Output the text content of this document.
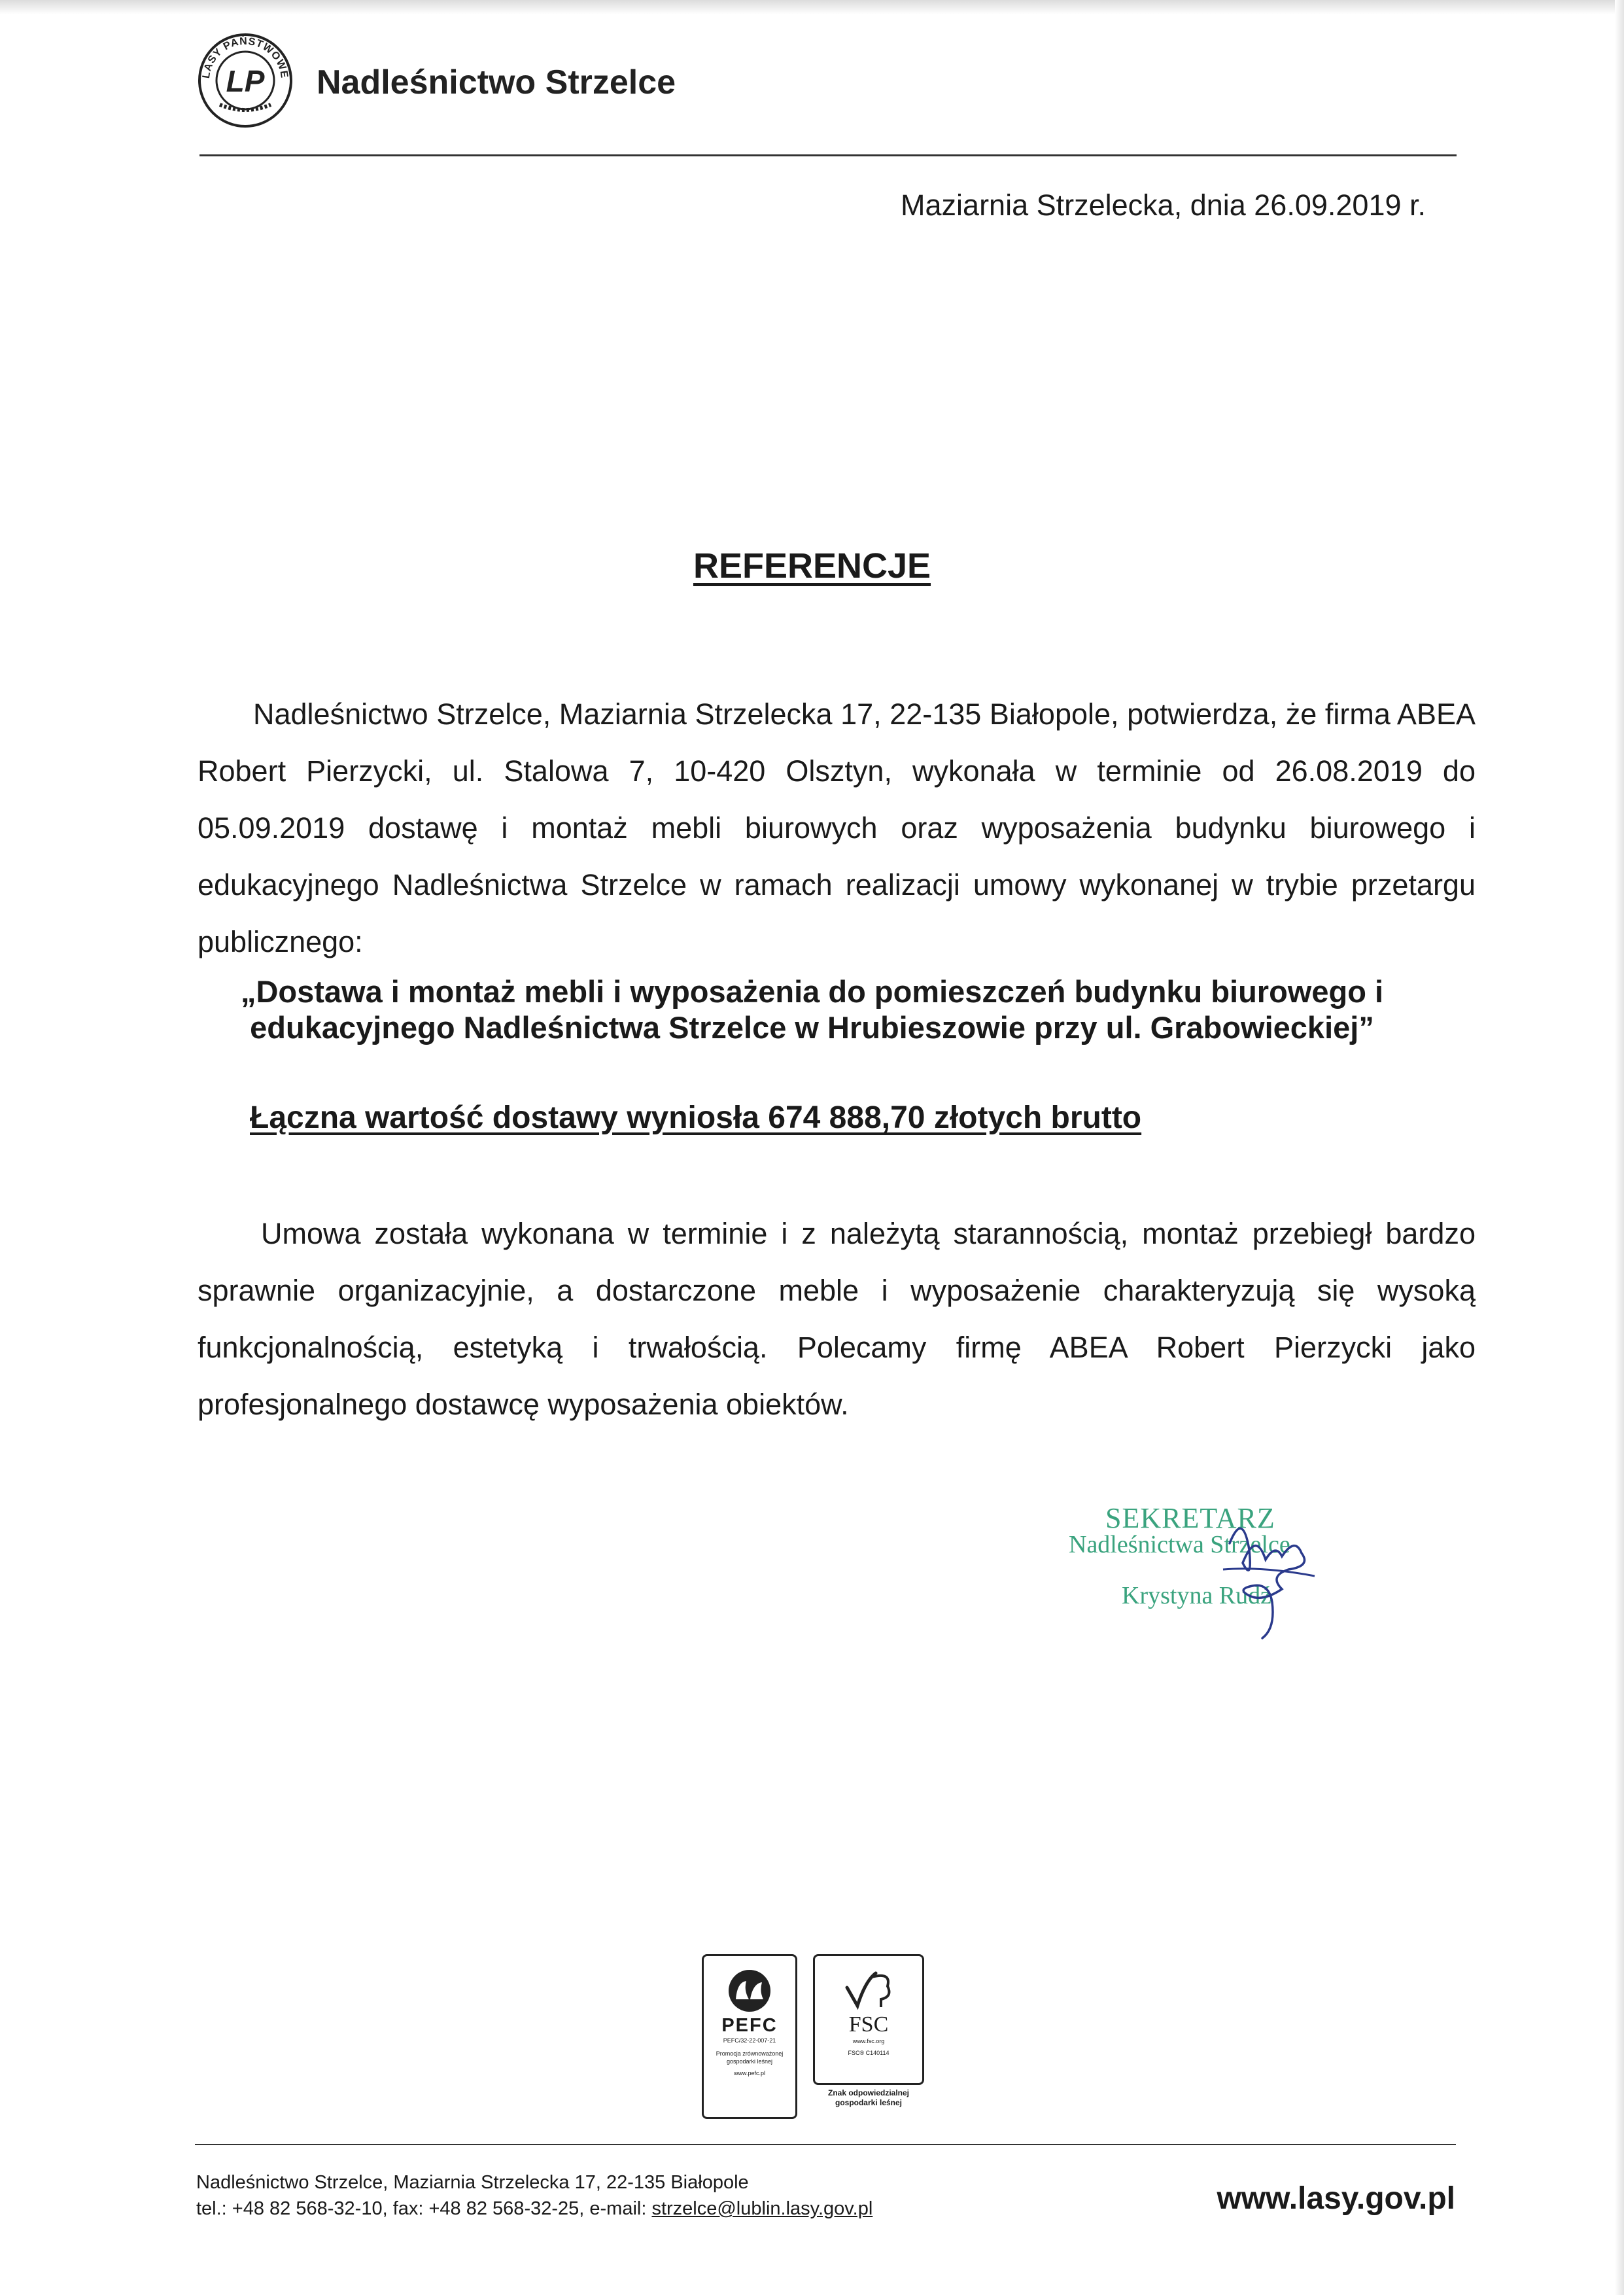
LASY PAŃSTWOWE
LP Nadleśnictwo Strzelce
Maziarnia Strzelecka, dnia 26.09.2019 r.
REFERENCJE
Nadleśnictwo Strzelce, Maziarnia Strzelecka 17, 22-135 Białopole, potwierdza, że firma ABEA Robert Pierzycki, ul. Stalowa 7, 10-420 Olsztyn, wykonała w terminie od 26.08.2019 do 05.09.2019 dostawę i montaż mebli biurowych oraz wyposażenia budynku biurowego i edukacyjnego Nadleśnictwa Strzelce w ramach realizacji umowy wykonanej w trybie przetargu publicznego:
„Dostawa i montaż mebli i wyposażenia do pomieszczeń budynku biurowego i
edukacyjnego Nadleśnictwa Strzelce w Hrubieszowie przy ul. Grabowieckiej”
Łączna wartość dostawy wyniosła 674 888,70 złotych brutto
Umowa została wykonana w terminie i z należytą starannością, montaż przebiegł bardzo sprawnie organizacyjnie, a dostarczone meble i wyposażenie charakteryzują się wysoką funkcjonalnością, estetyką i trwałością. Polecamy firmę ABEA Robert Pierzycki jako profesjonalnego dostawcę wyposażenia obiektów.
SEKRETARZ
Nadleśnictwa Strzelce
Krystyna Rudź
PEFC
PEFC/32-22-007-21
Promocja zrównoważonej gospodarki leśnej
www.pefc.pl
FSC
www.fsc.org
FSC® C140114
Znak odpowiedzialnej gospodarki leśnej
Nadleśnictwo Strzelce, Maziarnia Strzelecka 17, 22-135 Białopole
tel.: +48 82 568-32-10, fax: +48 82 568-32-25, e-mail: strzelce@lublin.lasy.gov.pl	www.lasy.gov.pl
